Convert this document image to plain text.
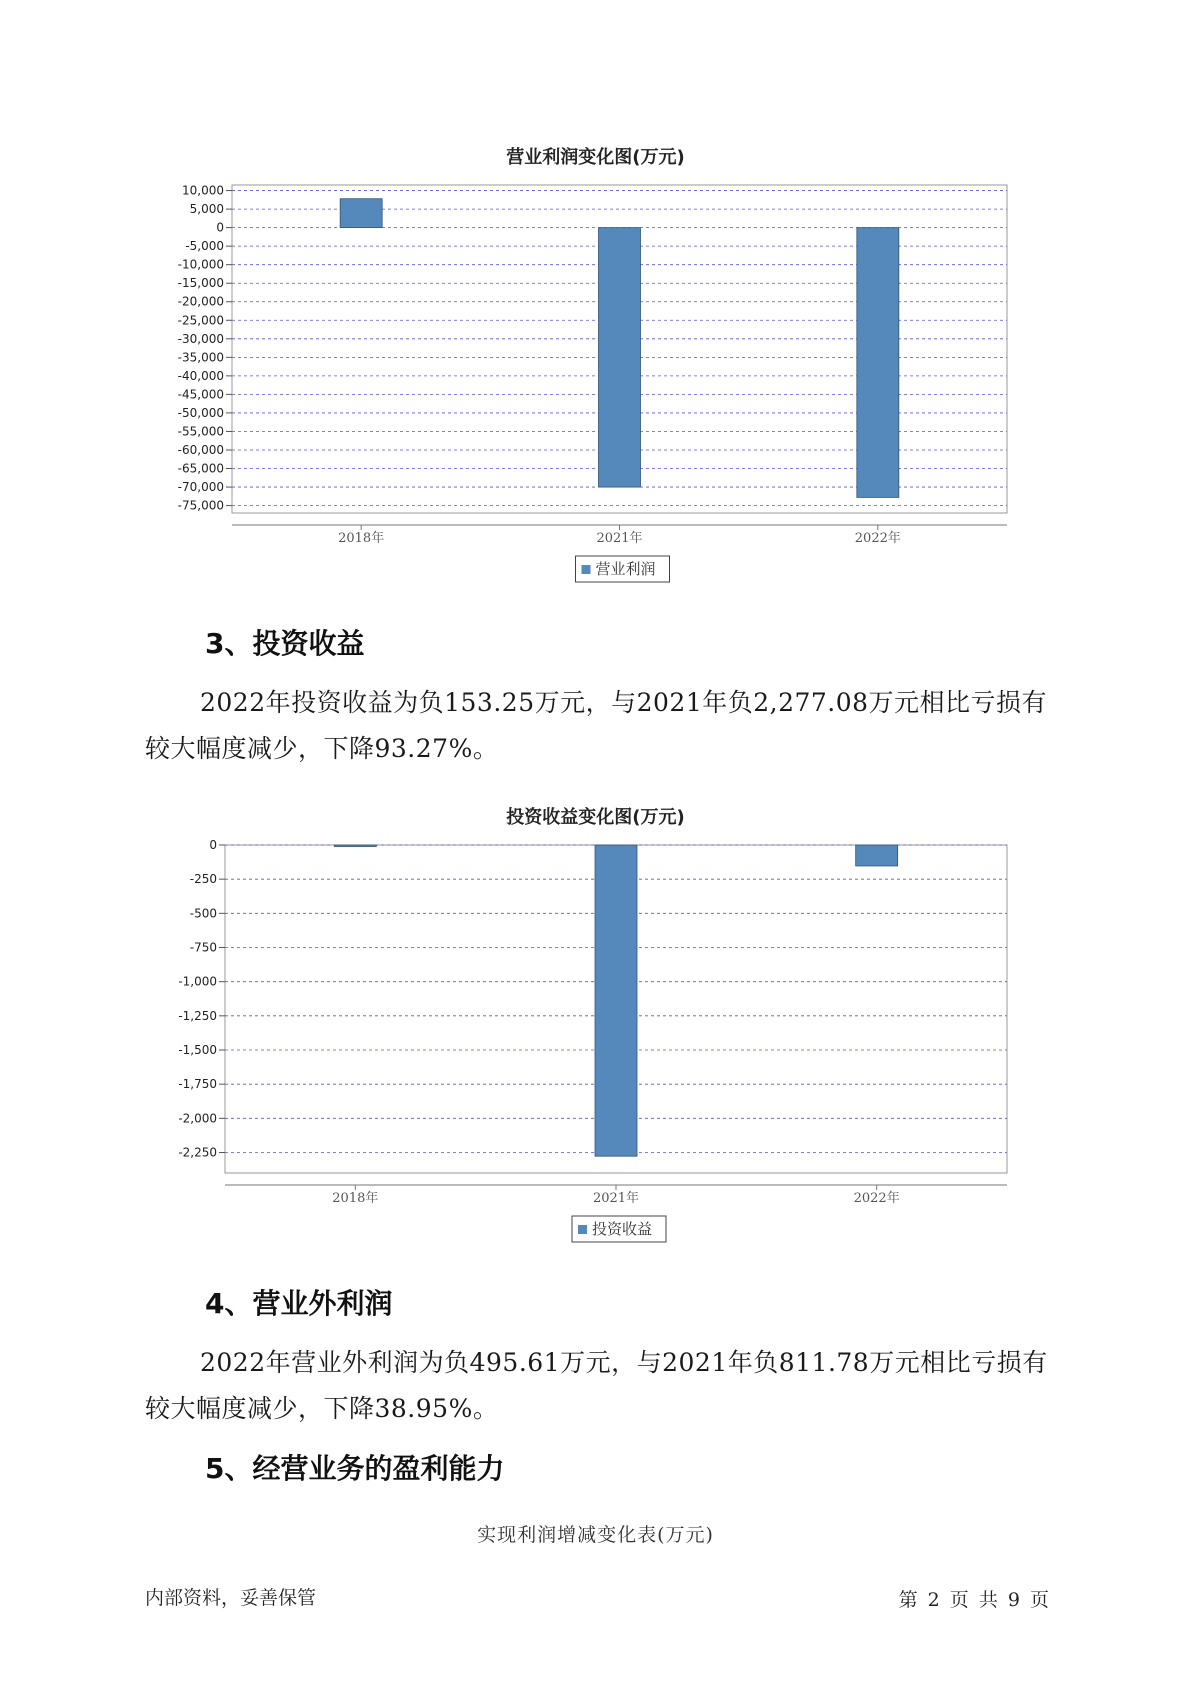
营业利润变化图(万元)
10,000
5,000
0
-5,000
-10,000
-15,000
-20,000
-25,000
-30,000
-35,000
-40,000
-45,000
-50,000
-55,000
-60,000
-65,000
-70,000
-75,000
2018年	2021年	2022年
营业利润
3、投资收益

2022年投资收益为负153.25万元，与2021年负2,277.08万元相比亏损有较大幅度减少，下降93.27%。

投资收益变化图(万元)
0
-250
-500
-750
-1,000
-1,250
-1,500
-1,750
-2,000
-2,250
2018年	2021年	2022年
投资收益
4、营业外利润

2022年营业外利润为负495.61万元，与2021年负811.78万元相比亏损有较大幅度减少，下降38.95%。

5、经营业务的盈利能力
实现利润增减变化表(万元)
内部资料，妥善保管	第 2 页 共 9 页
